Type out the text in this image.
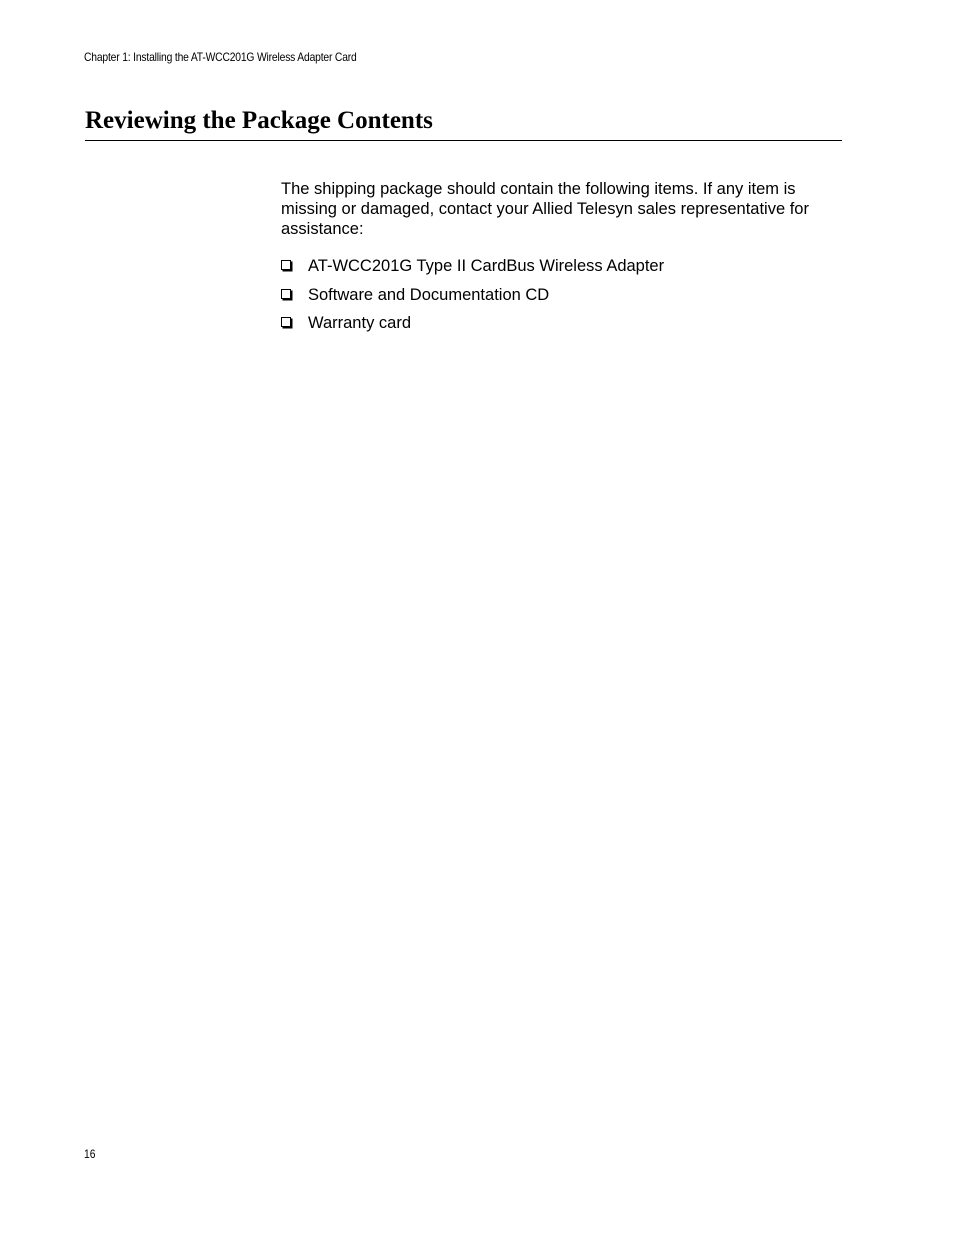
Chapter 1: Installing the AT-WCC201G Wireless Adapter Card
Reviewing the Package Contents

The shipping package should contain the following items. If any item is missing or damaged, contact your Allied Telesyn sales representative for assistance:

AT-WCC201G Type II CardBus Wireless Adapter
Software and Documentation CD
Warranty card
16
